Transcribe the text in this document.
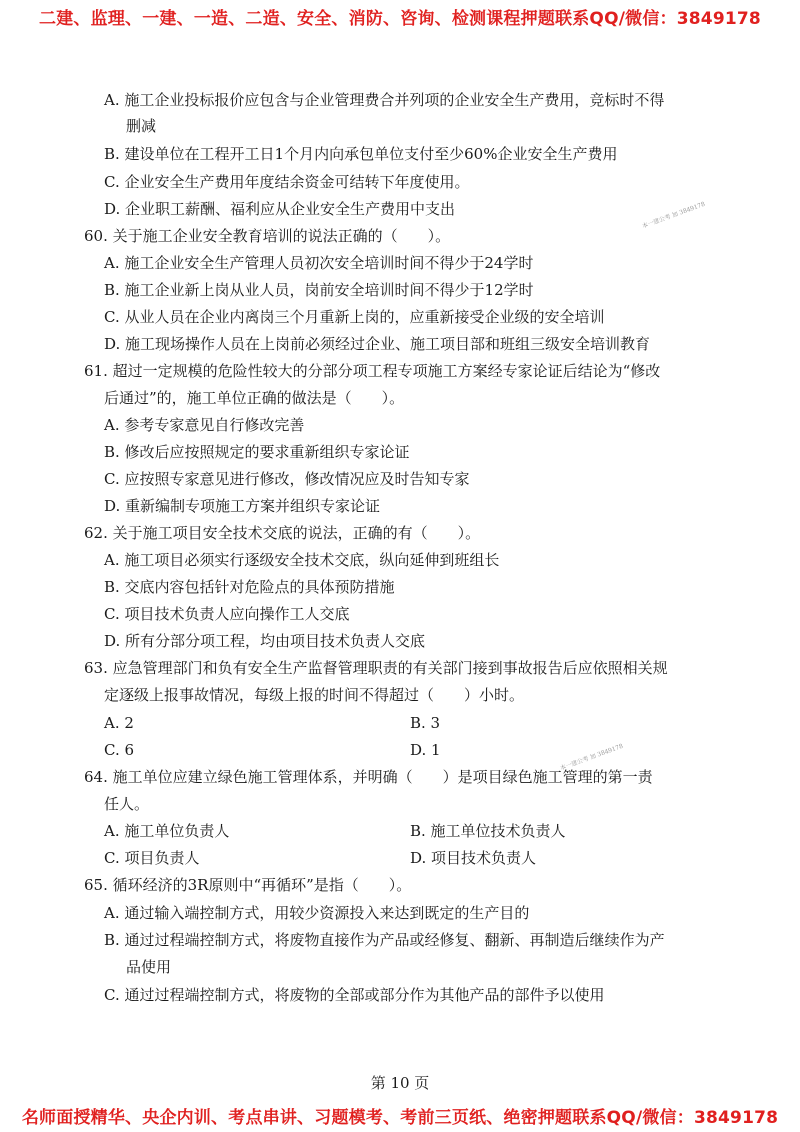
二建、监理、一建、一造、二造、安全、消防、咨询、检测课程押题联系QQ/微信：3849178
A. 施工企业投标报价应包含与企业管理费合并列项的企业安全生产费用，竞标时不得
删减
B. 建设单位在工程开工日1个月内向承包单位支付至少60%企业安全生产费用
C. 企业安全生产费用年度结余资金可结转下年度使用。
D. 企业职工薪酬、福利应从企业安全生产费用中支出	本一建公考 加 3849178
60. 关于施工企业安全教育培训的说法正确的（　　）。
A. 施工企业安全生产管理人员初次安全培训时间不得少于24学时
B. 施工企业新上岗从业人员，岗前安全培训时间不得少于12学时
C. 从业人员在企业内离岗三个月重新上岗的，应重新接受企业级的安全培训
D. 施工现场操作人员在上岗前必须经过企业、施工项目部和班组三级安全培训教育
61. 超过一定规模的危险性较大的分部分项工程专项施工方案经专家论证后结论为“修改
后通过”的，施工单位正确的做法是（　　）。
A. 参考专家意见自行修改完善
B. 修改后应按照规定的要求重新组织专家论证
C. 应按照专家意见进行修改，修改情况应及时告知专家
D. 重新编制专项施工方案并组织专家论证
62. 关于施工项目安全技术交底的说法，正确的有（　　）。
A. 施工项目必须实行逐级安全技术交底，纵向延伸到班组长
B. 交底内容包括针对危险点的具体预防措施
C. 项目技术负责人应向操作工人交底
D. 所有分部分项工程，均由项目技术负责人交底
63. 应急管理部门和负有安全生产监督管理职责的有关部门接到事故报告后应依照相关规
定逐级上报事故情况，每级上报的时间不得超过（　　）小时。
A. 2	B. 3
C. 6	D. 1	本一建公考 加 3849178
64. 施工单位应建立绿色施工管理体系，并明确（　　）是项目绿色施工管理的第一责
任人。
A. 施工单位负责人	B. 施工单位技术负责人
C. 项目负责人	D. 项目技术负责人
65. 循环经济的3R原则中“再循环”是指（　　）。
A. 通过输入端控制方式，用较少资源投入来达到既定的生产目的
B. 通过过程端控制方式，将废物直接作为产品或经修复、翻新、再制造后继续作为产
品使用
C. 通过过程端控制方式，将废物的全部或部分作为其他产品的部件予以使用
第 10 页
名师面授精华、央企内训、考点串讲、习题模考、考前三页纸、绝密押题联系QQ/微信：3849178
